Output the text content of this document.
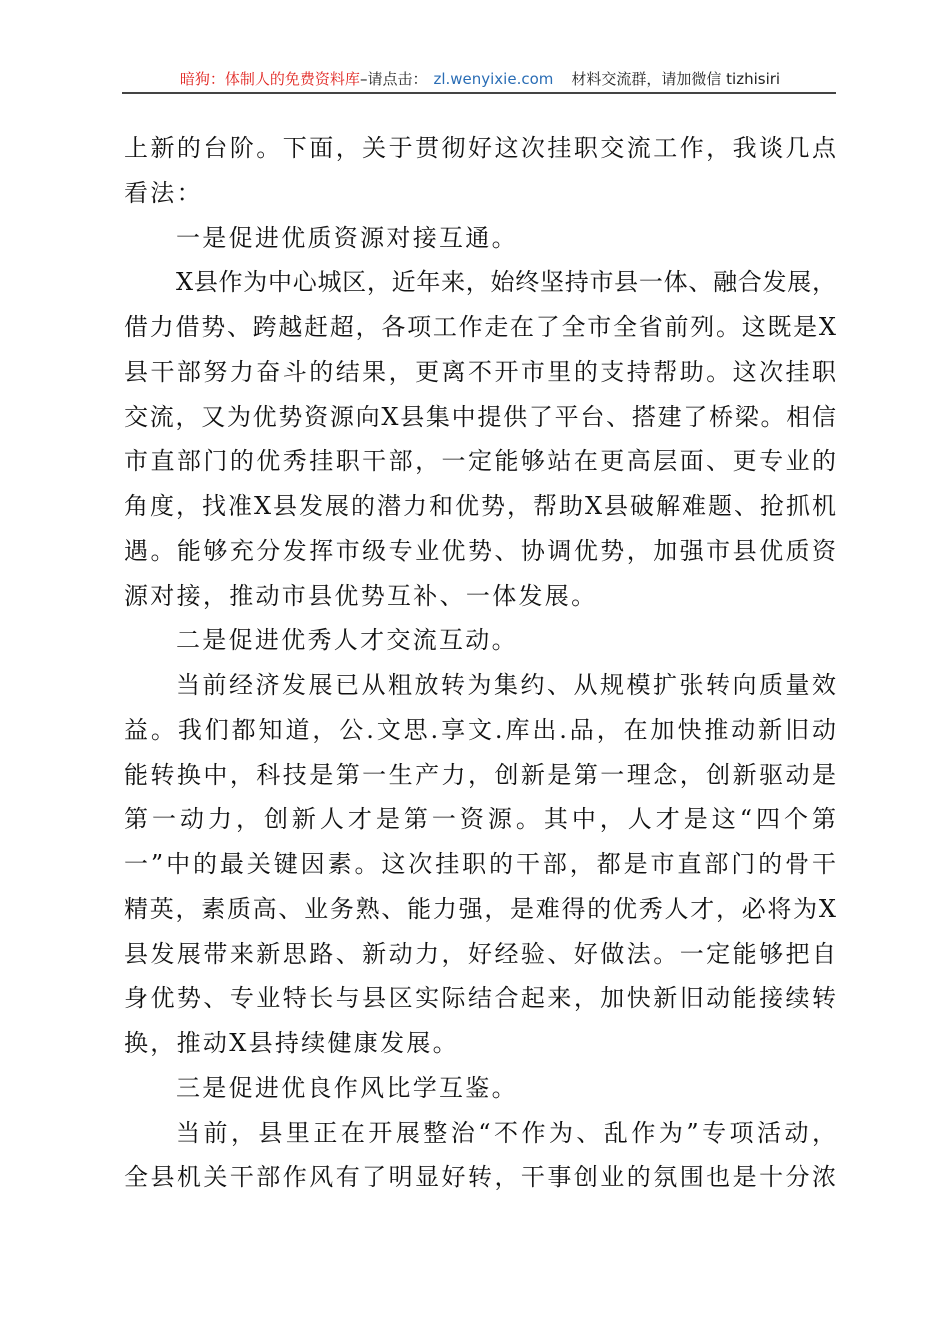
暗狗：体制人的免费资料库–请点击： zl.wenyixie.com 材料交流群，请加微信 tizhisiri
上新的台阶。下面，关于贯彻好这次挂职交流工作，我谈几点
看法：
一是促进优质资源对接互通。
X县作为中心城区，近年来，始终坚持市县一体、融合发展，
借力借势、跨越赶超，各项工作走在了全市全省前列。这既是X
县干部努力奋斗的结果，更离不开市里的支持帮助。这次挂职
交流，又为优势资源向X县集中提供了平台、搭建了桥梁。相信
市直部门的优秀挂职干部，一定能够站在更高层面、更专业的
角度，找准X县发展的潜力和优势，帮助X县破解难题、抢抓机
遇。能够充分发挥市级专业优势、协调优势，加强市县优质资
源对接，推动市县优势互补、一体发展。
二是促进优秀人才交流互动。
当前经济发展已从粗放转为集约、从规模扩张转向质量效
益。我们都知道，公.文思.享文.库出.品，在加快推动新旧动
能转换中，科技是第一生产力，创新是第一理念，创新驱动是
第一动力，创新人才是第一资源。其中，人才是这“四个第
一”中的最关键因素。这次挂职的干部，都是市直部门的骨干
精英，素质高、业务熟、能力强，是难得的优秀人才，必将为X
县发展带来新思路、新动力，好经验、好做法。一定能够把自
身优势、专业特长与县区实际结合起来，加快新旧动能接续转
换，推动X县持续健康发展。
三是促进优良作风比学互鉴。
当前，县里正在开展整治“不作为、乱作为”专项活动，
全县机关干部作风有了明显好转，干事创业的氛围也是十分浓
